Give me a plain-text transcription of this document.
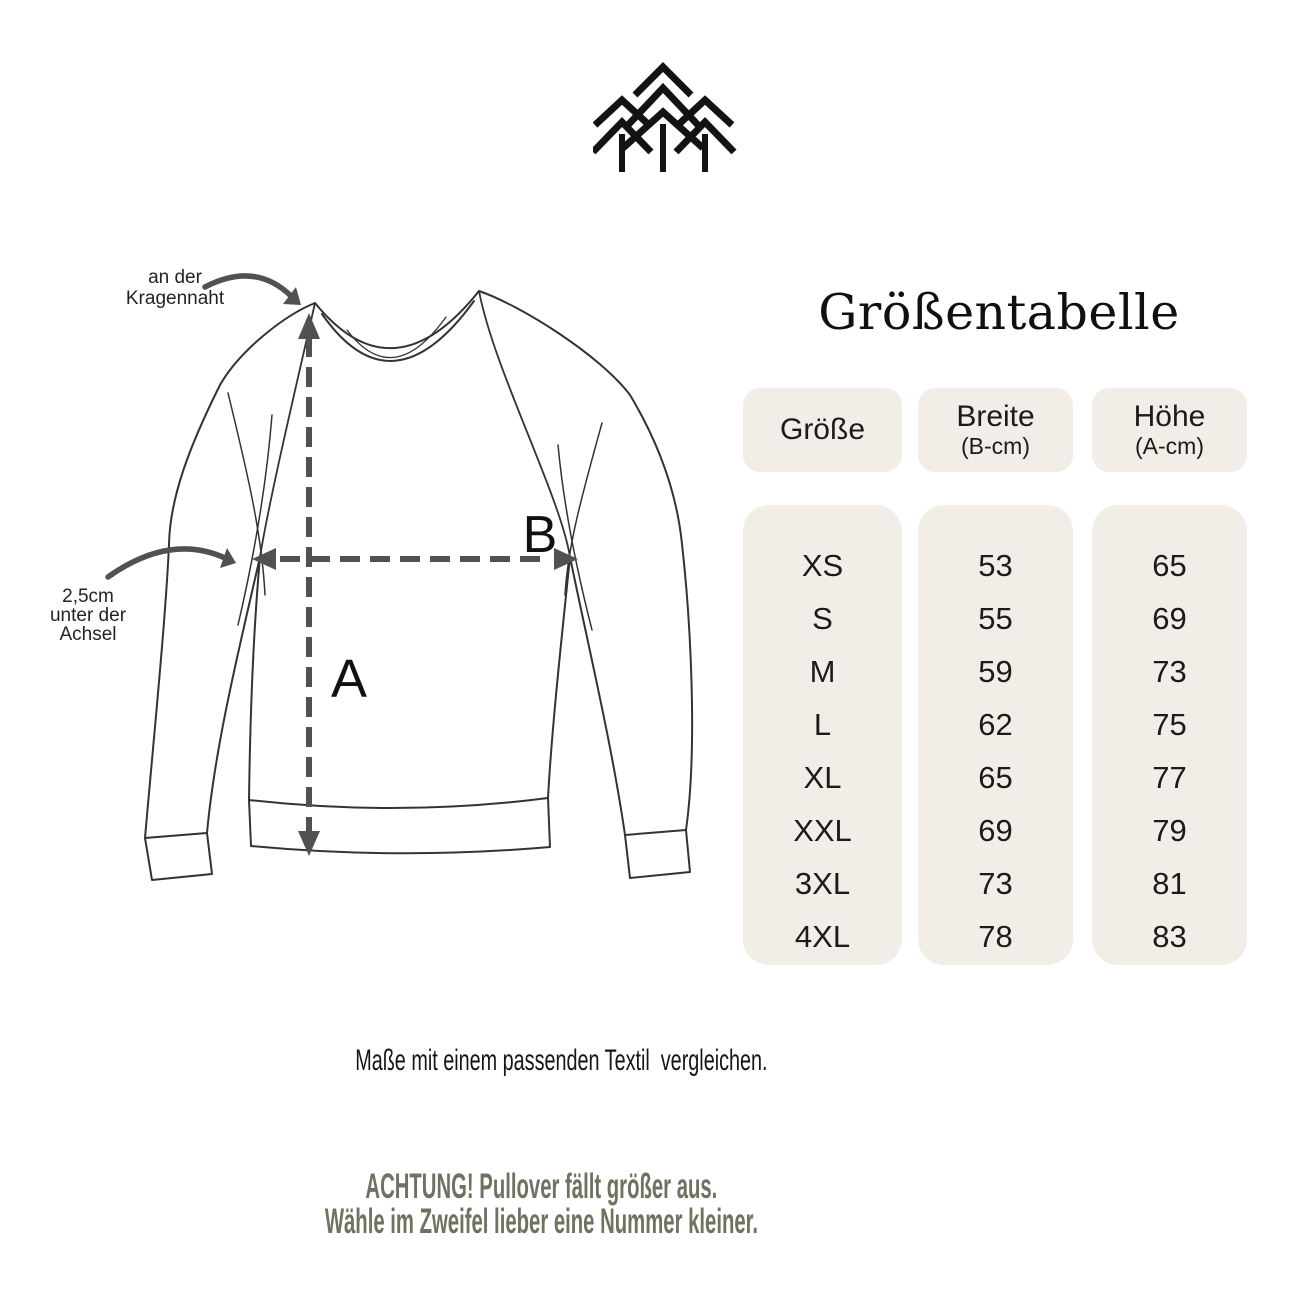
Größentabelle
A
B
an der
Kragennaht
2,5cm
unter der
Achsel
Größe
XS
S
M
L
XL
XXL
3XL
4XL
Breite
(B-cm)
53
55
59
62
65
69
73
78
Höhe
(A-cm)
65
69
73
75
77
79
81
83
Maße mit einem passenden Textil  vergleichen.
ACHTUNG! Pullover fällt größer aus.
Wähle im Zweifel lieber eine Nummer kleiner.
